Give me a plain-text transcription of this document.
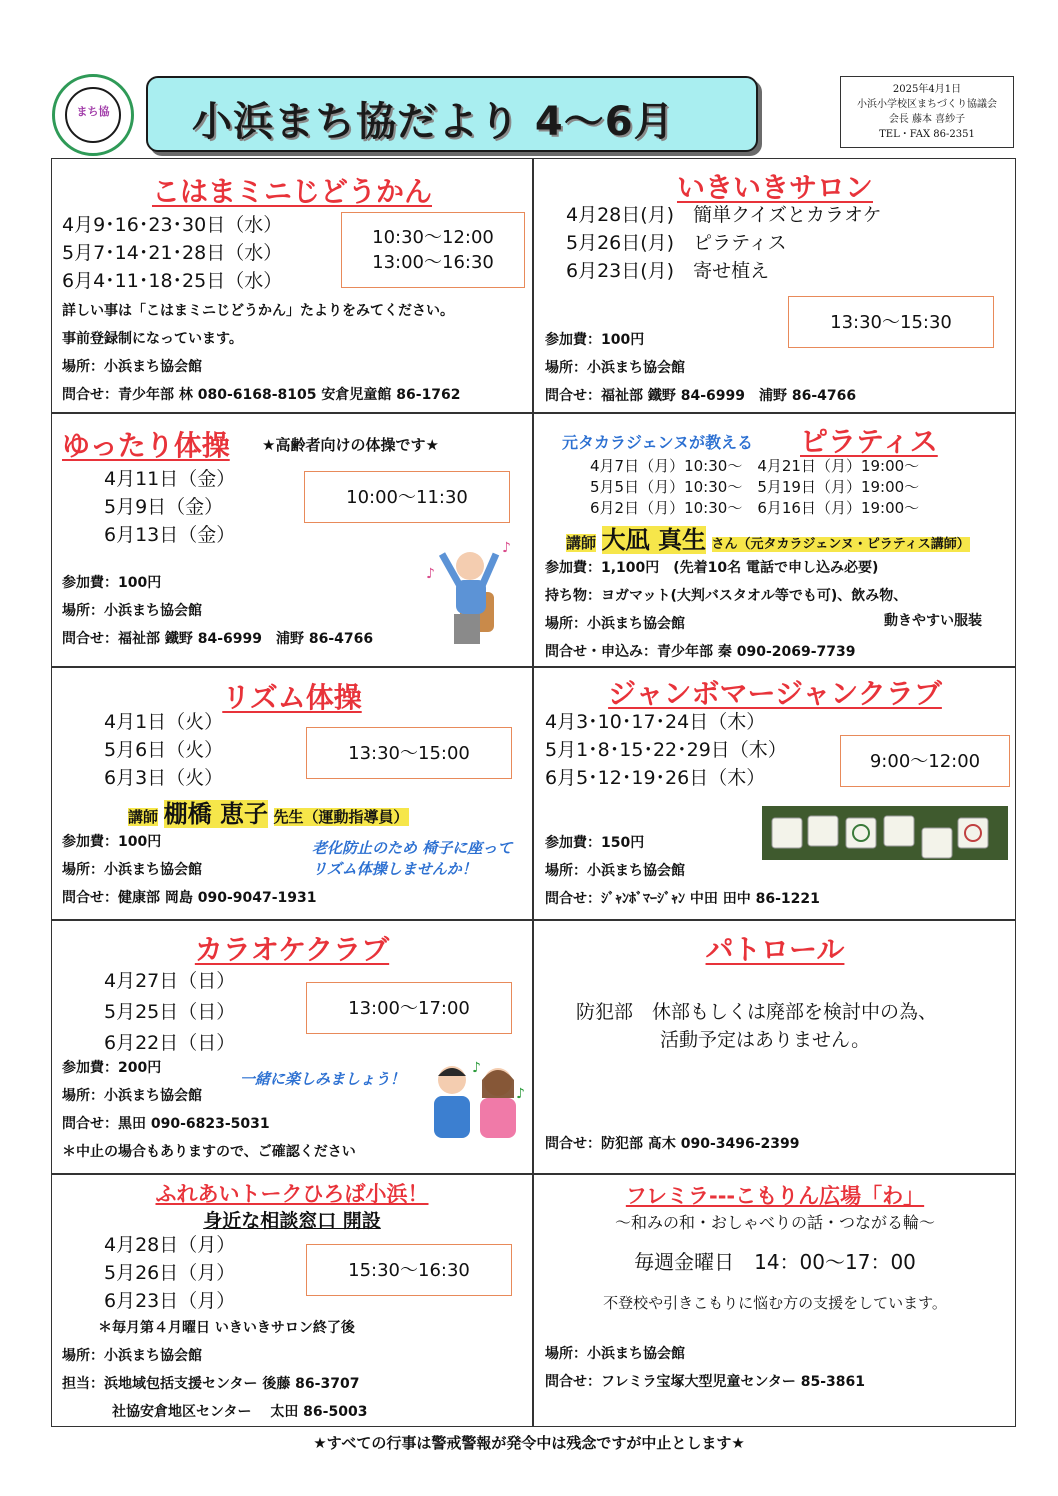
まち協	小浜まち協だより 4～6月
2025年4月1日
小浜小学校区まちづくり協議会
会長 藤本 喜紗子
TEL・FAX 86-2351
こはまミニじどうかん
4月9･16･23･30日（水）
5月7･14･21･28日（水）
6月4･11･18･25日（水）
10:30～12:00
13:00～16:30
詳しい事は「こはまミニじどうかん」たよりをみてください。
事前登録制になっています。
場所：小浜まち協会館
問合せ：青少年部 林 080-6168-8105 安倉児童館 86-1762
いきいきサロン
4月28日(月)　簡単クイズとカラオケ
5月26日(月)　ピラティス
6月23日(月)　寄せ植え
13:30～15:30
参加費：100円
場所：小浜まち協会館
問合せ：福祉部 鐵野 84-6999　浦野 86-4766
ゆったり体操 ★高齢者向けの体操です★
4月11日（金）
5月9日（金）
6月13日（金）
10:00～11:30
参加費：100円
場所：小浜まち協会館
問合せ：福祉部 鐵野 84-6999　浦野 86-4766
♪
♪
元タカラジェンヌが教える ピラティス
4月7日（月）10:30～　4月21日（月）19:00～
5月5日（月）10:30～　5月19日（月）19:00～
6月2日（月）10:30～　6月16日（月）19:00～
講師 大凪 真生 さん（元タカラジェンヌ・ピラティス講師）
参加費：1,100円　(先着10名 電話で申し込み必要)
持ち物：ヨガマット(大判バスタオル等でも可)、飲み物、
場所：小浜まち協会館
問合せ・申込み：青少年部 秦 090-2069-7739
動きやすい服装
リズム体操
4月1日（火）
5月6日（火）
6月3日（火）
13:30～15:00
講師 棚橋 恵子 先生（運動指導員）
参加費：100円
場所：小浜まち協会館
問合せ：健康部 岡島 090-9047-1931
老化防止のため 椅子に座って
リズム体操しませんか！
ジャンボマージャンクラブ
4月3･10･17･24日（木）
5月1･8･15･22･29日（木）
6月5･12･19･26日（木）
9:00～12:00
参加費：150円
場所：小浜まち協会館
問合せ：ｼﾞｬﾝﾎﾞﾏｰｼﾞｬﾝ 中田 田中 86-1221
カラオケクラブ
4月27日（日）
5月25日（日）
6月22日（日）
13:00～17:00
一緒に楽しみましょう！
参加費：200円
場所：小浜まち協会館
問合せ：黒田 090-6823-5031
＊中止の場合もありますので、ご確認ください
♪
♪
パトロール
防犯部　休部もしくは廃部を検討中の為、
活動予定はありません。
問合せ：防犯部 髙木 090-3496-2399
ふれあいトークひろば小浜！
身近な相談窓口 開設
4月28日（月）
5月26日（月）
6月23日（月）
15:30～16:30
＊毎月第４月曜日 いきいきサロン終了後
場所：小浜まち協会館
担当：浜地域包括支援センター 後藤 86-3707
社協安倉地区センター　 太田 86-5003
フレミラ---こもりん広場「わ」
～和みの和・おしゃべりの話・つながる輪～
毎週金曜日　14：00～17：00
不登校や引きこもりに悩む方の支援をしています。
場所：小浜まち協会館
問合せ：フレミラ宝塚大型児童センター 85-3861
★すべての行事は警戒警報が発令中は残念ですが中止とします★
